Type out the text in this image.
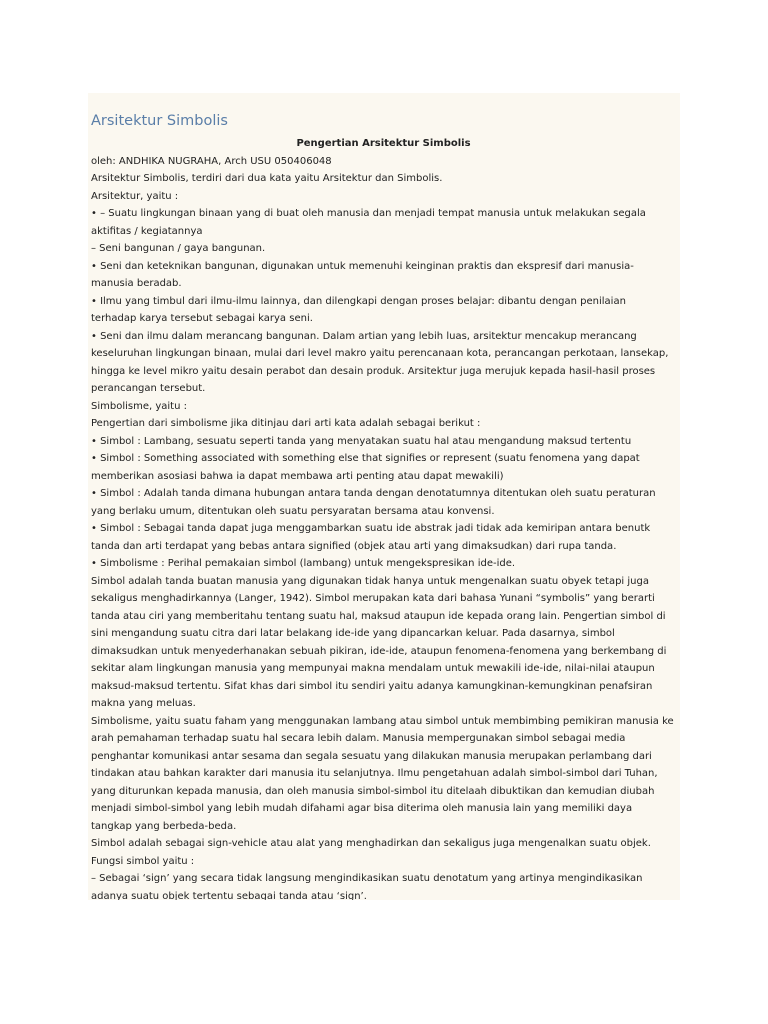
Arsitektur Simbolis
Pengertian Arsitektur Simbolis
oleh: ANDHIKA NUGRAHA, Arch USU 050406048
Arsitektur Simbolis, terdiri dari dua kata yaitu Arsitektur dan Simbolis.
Arsitektur, yaitu :
• – Suatu lingkungan binaan yang di buat oleh manusia dan menjadi tempat manusia untuk melakukan segala
aktifitas / kegiatannya
– Seni bangunan / gaya bangunan.
• Seni dan keteknikan bangunan, digunakan untuk memenuhi keinginan praktis dan ekspresif dari manusia-
manusia beradab.
• Ilmu yang timbul dari ilmu-ilmu lainnya, dan dilengkapi dengan proses belajar: dibantu dengan penilaian
terhadap karya tersebut sebagai karya seni.
• Seni dan ilmu dalam merancang bangunan. Dalam artian yang lebih luas, arsitektur mencakup merancang
keseluruhan lingkungan binaan, mulai dari level makro yaitu perencanaan kota, perancangan perkotaan, lansekap,
hingga ke level mikro yaitu desain perabot dan desain produk. Arsitektur juga merujuk kepada hasil-hasil proses
perancangan tersebut.
Simbolisme, yaitu :
Pengertian dari simbolisme jika ditinjau dari arti kata adalah sebagai berikut :
• Simbol : Lambang, sesuatu seperti tanda yang menyatakan suatu hal atau mengandung maksud tertentu
• Simbol : Something associated with something else that signifies or represent (suatu fenomena yang dapat
memberikan asosiasi bahwa ia dapat membawa arti penting atau dapat mewakili)
• Simbol : Adalah tanda dimana hubungan antara tanda dengan denotatumnya ditentukan oleh suatu peraturan
yang berlaku umum, ditentukan oleh suatu persyaratan bersama atau konvensi.
• Simbol : Sebagai tanda dapat juga menggambarkan suatu ide abstrak jadi tidak ada kemiripan antara benutk
tanda dan arti terdapat yang bebas antara signified (objek atau arti yang dimaksudkan) dari rupa tanda.
• Simbolisme : Perihal pemakaian simbol (lambang) untuk mengekspresikan ide-ide.
Simbol adalah tanda buatan manusia yang digunakan tidak hanya untuk mengenalkan suatu obyek tetapi juga
sekaligus menghadirkannya (Langer, 1942). Simbol merupakan kata dari bahasa Yunani “symbolis” yang berarti
tanda atau ciri yang memberitahu tentang suatu hal, maksud ataupun ide kepada orang lain. Pengertian simbol di
sini mengandung suatu citra dari latar belakang ide-ide yang dipancarkan keluar. Pada dasarnya, simbol
dimaksudkan untuk menyederhanakan sebuah pikiran, ide-ide, ataupun fenomena-fenomena yang berkembang di
sekitar alam lingkungan manusia yang mempunyai makna mendalam untuk mewakili ide-ide, nilai-nilai ataupun
maksud-maksud tertentu. Sifat khas dari simbol itu sendiri yaitu adanya kamungkinan-kemungkinan penafsiran
makna yang meluas.
Simbolisme, yaitu suatu faham yang menggunakan lambang atau simbol untuk membimbing pemikiran manusia ke
arah pemahaman terhadap suatu hal secara lebih dalam. Manusia mempergunakan simbol sebagai media
penghantar komunikasi antar sesama dan segala sesuatu yang dilakukan manusia merupakan perlambang dari
tindakan atau bahkan karakter dari manusia itu selanjutnya. Ilmu pengetahuan adalah simbol-simbol dari Tuhan,
yang diturunkan kepada manusia, dan oleh manusia simbol-simbol itu ditelaah dibuktikan dan kemudian diubah
menjadi simbol-simbol yang lebih mudah difahami agar bisa diterima oleh manusia lain yang memiliki daya
tangkap yang berbeda-beda.
Simbol adalah sebagai sign-vehicle atau alat yang menghadirkan dan sekaligus juga mengenalkan suatu objek.
Fungsi simbol yaitu :
– Sebagai ‘sign’ yang secara tidak langsung mengindikasikan suatu denotatum yang artinya mengindikasikan
adanya suatu objek tertentu sebagai tanda atau ‘sign’.
